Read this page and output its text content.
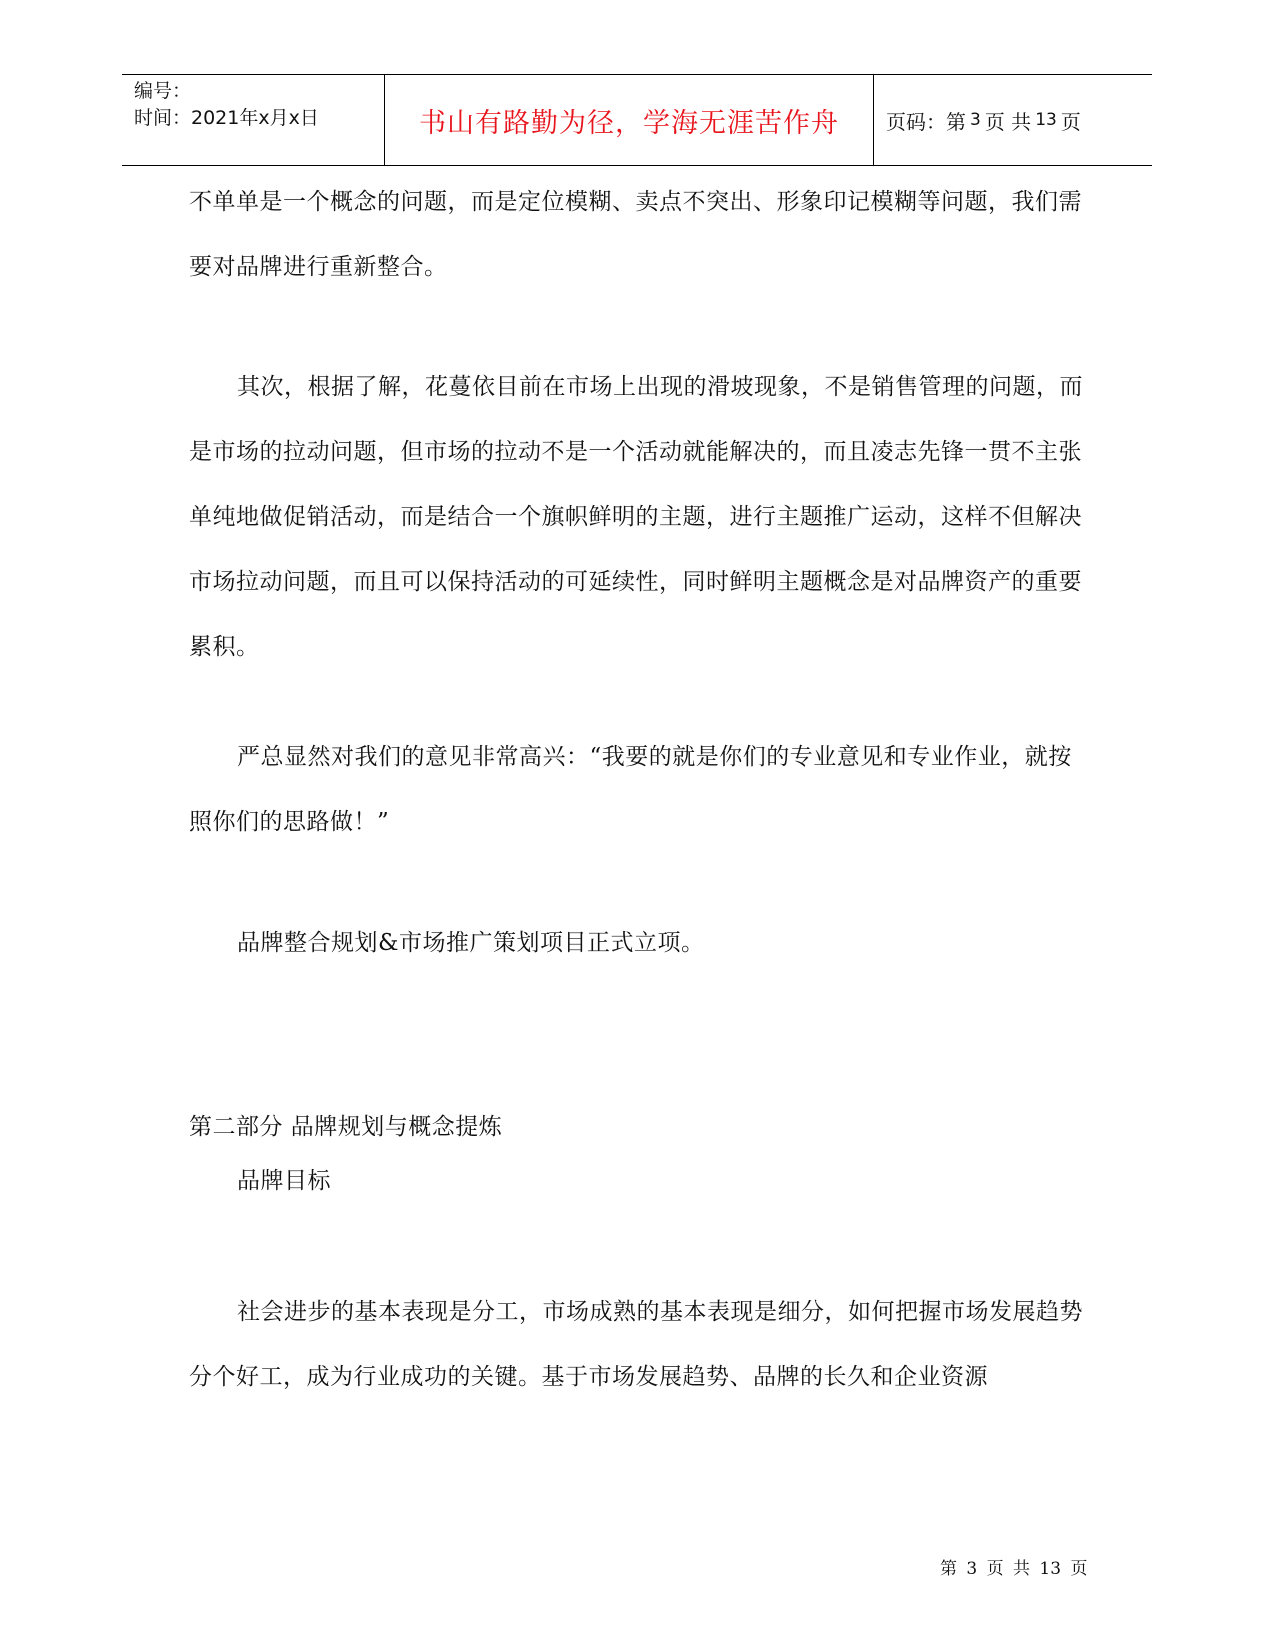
编号：
时间：2021年x月x日	书山有路勤为径，学海无涯苦作舟 页码：第 3 页 共 13 页

不单单是一个概念的问题，而是定位模糊、卖点不突出、形象印记模糊等问题，我们需要对品牌进行重新整合。

其次，根据了解，花蔓依目前在市场上出现的滑坡现象，不是销售管理的问题，而是市场的拉动问题，但市场的拉动不是一个活动就能解决的，而且凌志先锋一贯不主张单纯地做促销活动，而是结合一个旗帜鲜明的主题，进行主题推广运动，这样不但解决市场拉动问题，而且可以保持活动的可延续性，同时鲜明主题概念是对品牌资产的重要累积。

严总显然对我们的意见非常高兴：“我要的就是你们的专业意见和专业作业，就按照你们的思路做！”

品牌整合规划&市场推广策划项目正式立项。

第二部分 品牌规划与概念提炼

品牌目标

社会进步的基本表现是分工，市场成熟的基本表现是细分，如何把握市场发展趋势分个好工，成为行业成功的关键。基于市场发展趋势、品牌的长久和企业资源

第 3 页 共 13 页
